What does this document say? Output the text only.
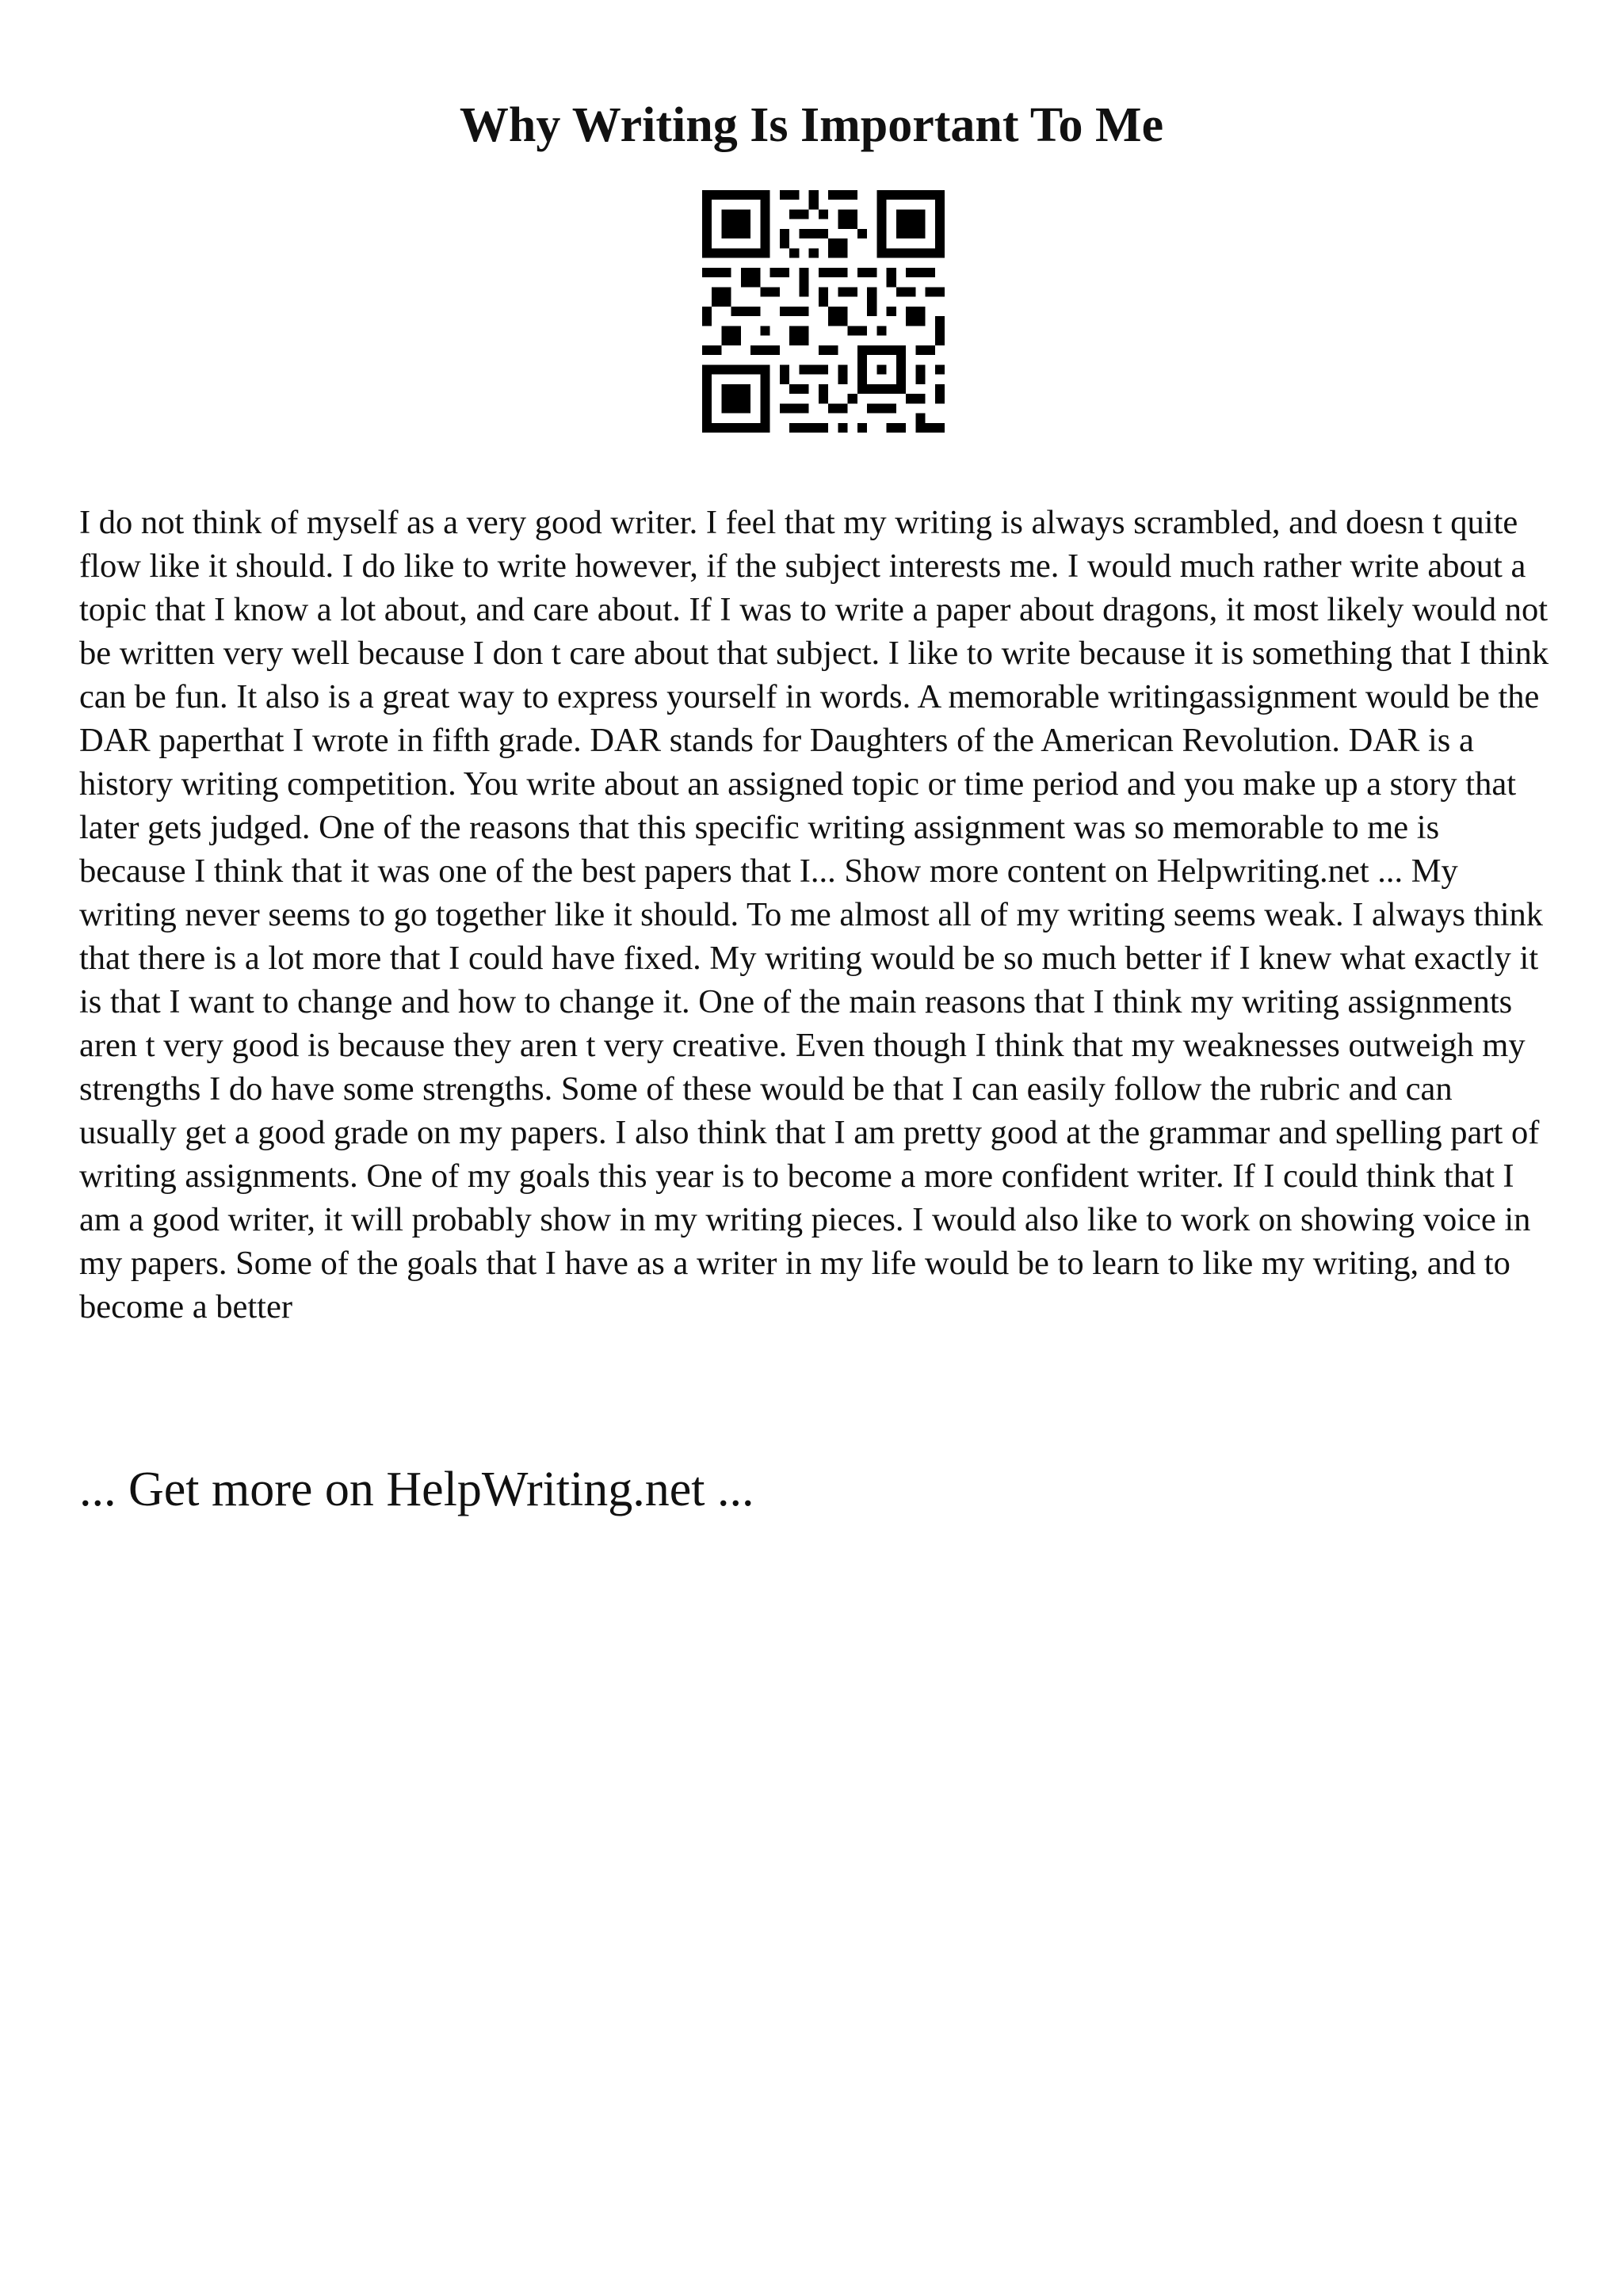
Why Writing Is Important To Me

I do not think of myself as a very good writer. I feel that my writing is always scrambled, and doesn t quite flow like it should. I do like to write however, if the subject interests me. I would much rather write about a topic that I know a lot about, and care about. If I was to write a paper about dragons, it most likely would not be written very well because I don t care about that subject. I like to write because it is something that I think can be fun. It also is a great way to express yourself in words. A memorable writingassignment would be the DAR paperthat I wrote in fifth grade. DAR stands for Daughters of the American Revolution. DAR is a history writing competition. You write about an assigned topic or time period and you make up a story that later gets judged. One of the reasons that this specific writing assignment was so memorable to me is because I think that it was one of the best papers that I... Show more content on Helpwriting.net ... My writing never seems to go together like it should. To me almost all of my writing seems weak. I always think that there is a lot more that I could have fixed. My writing would be so much better if I knew what exactly it is that I want to change and how to change it. One of the main reasons that I think my writing assignments aren t very good is because they aren t very creative. Even though I think that my weaknesses outweigh my strengths I do have some strengths. Some of these would be that I can easily follow the rubric and can usually get a good grade on my papers. I also think that I am pretty good at the grammar and spelling part of writing assignments. One of my goals this year is to become a more confident writer. If I could think that I am a good writer, it will probably show in my writing pieces. I would also like to work on showing voice in my papers. Some of the goals that I have as a writer in my life would be to learn to like my writing, and to become a better

... Get more on HelpWriting.net ...
